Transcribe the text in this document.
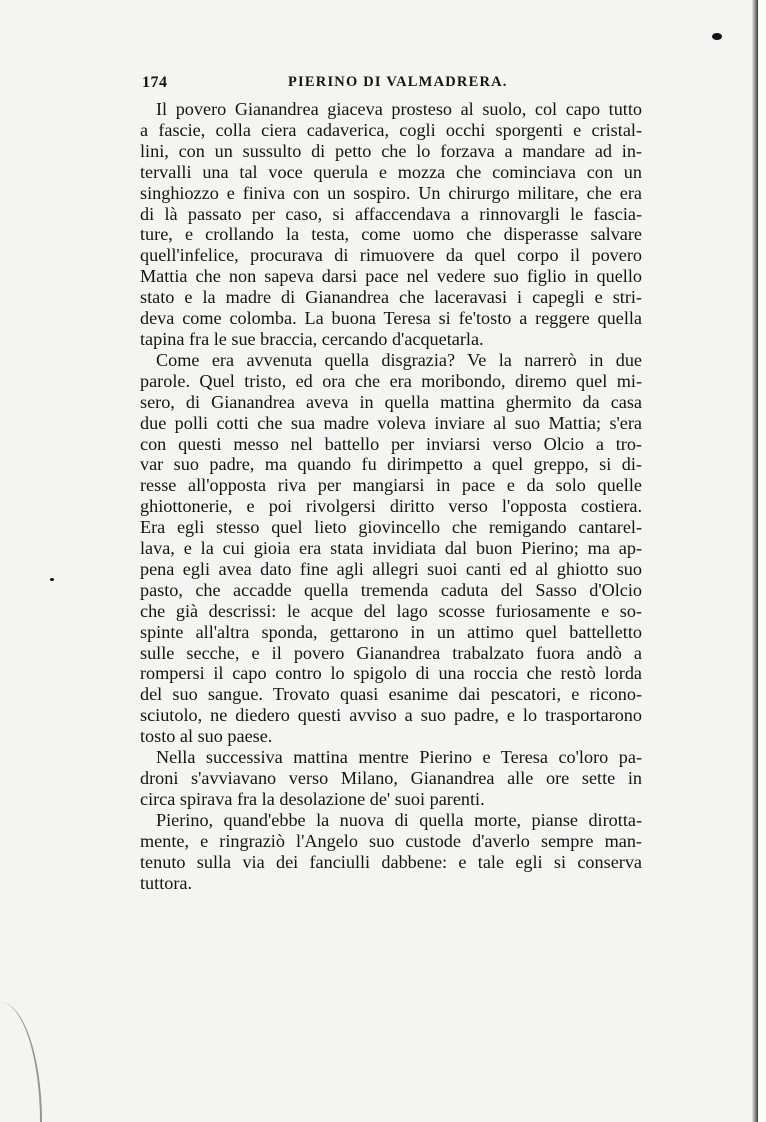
174	PIERINO DI VALMADRERA.
Il povero Gianandrea giaceva prosteso al suolo, col capo tutto
a fascie, colla ciera cadaverica, cogli occhi sporgenti e cristal-
lini, con un sussulto di petto che lo forzava a mandare ad in-
tervalli una tal voce querula e mozza che cominciava con un
singhiozzo e finiva con un sospiro. Un chirurgo militare, che era
di là passato per caso, si affaccendava a rinnovargli le fascia-
ture, e crollando la testa, come uomo che disperasse salvare
quell'infelice, procurava di rimuovere da quel corpo il povero
Mattia che non sapeva darsi pace nel vedere suo figlio in quello
stato e la madre di Gianandrea che laceravasi i capegli e stri-
deva come colomba. La buona Teresa si fe'tosto a reggere quella
tapina fra le sue braccia, cercando d'acquetarla.
Come era avvenuta quella disgrazia? Ve la narrerò in due
parole. Quel tristo, ed ora che era moribondo, diremo quel mi-
sero, di Gianandrea aveva in quella mattina ghermito da casa
due polli cotti che sua madre voleva inviare al suo Mattia; s'era
con questi messo nel battello per inviarsi verso Olcio a tro-
var suo padre, ma quando fu dirimpetto a quel greppo, si di-
resse all'opposta riva per mangiarsi in pace e da solo quelle
ghiottonerie, e poi rivolgersi diritto verso l'opposta costiera.
Era egli stesso quel lieto giovincello che remigando cantarel-
lava, e la cui gioia era stata invidiata dal buon Pierino; ma ap-
pena egli avea dato fine agli allegri suoi canti ed al ghiotto suo
pasto, che accadde quella tremenda caduta del Sasso d'Olcio
che già descrissi: le acque del lago scosse furiosamente e so-
spinte all'altra sponda, gettarono in un attimo quel battelletto
sulle secche, e il povero Gianandrea trabalzato fuora andò a
rompersi il capo contro lo spigolo di una roccia che restò lorda
del suo sangue. Trovato quasi esanime dai pescatori, e ricono-
sciutolo, ne diedero questi avviso a suo padre, e lo trasportarono
tosto al suo paese.
Nella successiva mattina mentre Pierino e Teresa co'loro pa-
droni s'avviavano verso Milano, Gianandrea alle ore sette in
circa spirava fra la desolazione de' suoi parenti.
Pierino, quand'ebbe la nuova di quella morte, pianse dirotta-
mente, e ringraziò l'Angelo suo custode d'averlo sempre man-
tenuto sulla via dei fanciulli dabbene: e tale egli si conserva
tuttora.
